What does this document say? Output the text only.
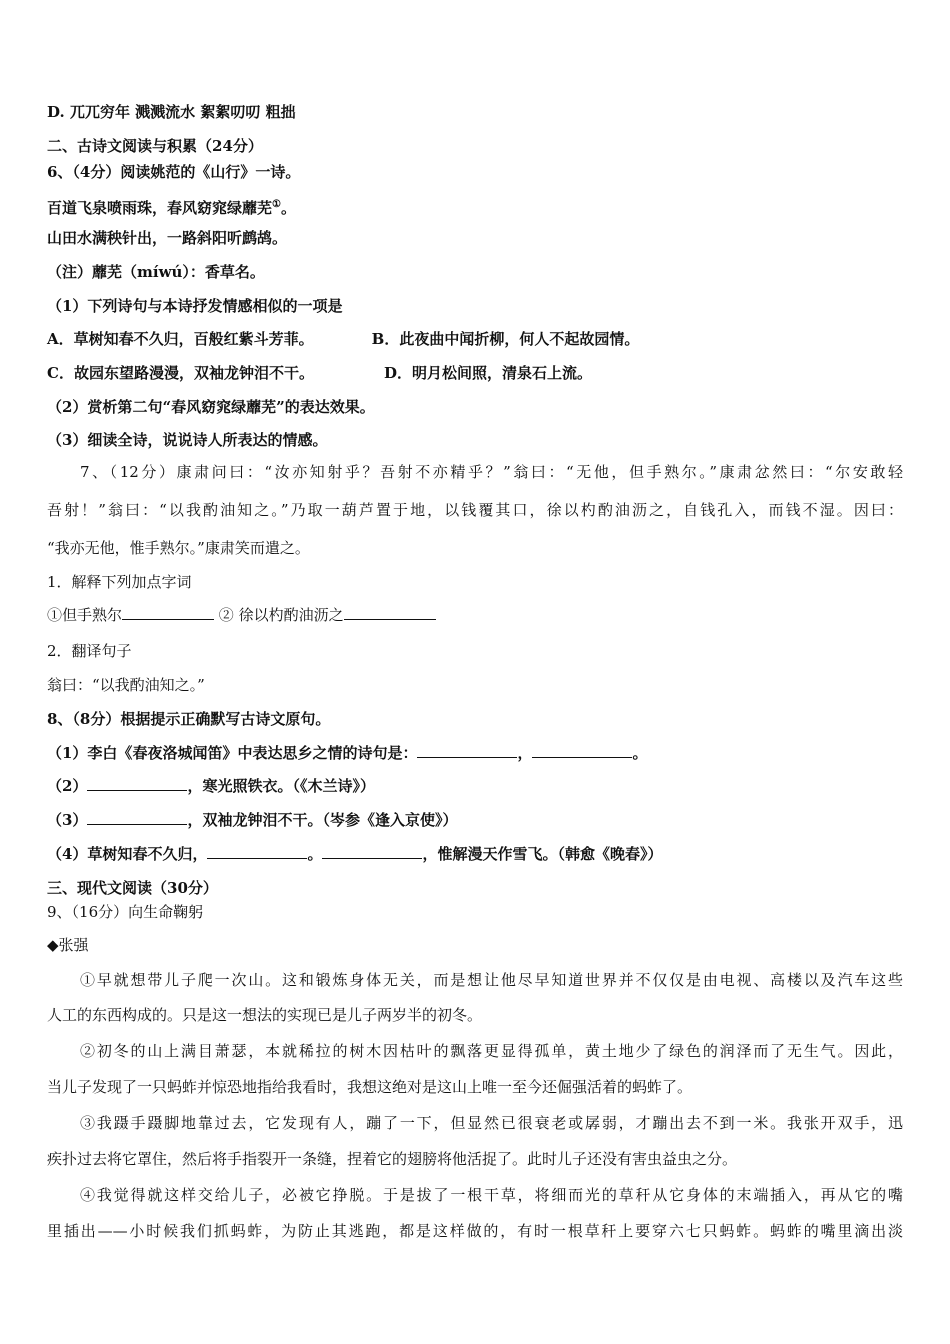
D. 兀兀穷年 溅溅流水 絮絮叨叨 粗拙
二、古诗文阅读与积累（24分）
6、（4分）阅读姚范的《山行》一诗。
百道飞泉喷雨珠，春风窈窕绿蘼芜①。
山田水满秧针出，一路斜阳听鹧鸪。
（注）蘼芜（míwú）：香草名。
（1）下列诗句与本诗抒发情感相似的一项是
A．草树知春不久归，百般红紫斗芳菲。	B．此夜曲中闻折柳，何人不起故园情。
C．故园东望路漫漫，双袖龙钟泪不干。	D．明月松间照，清泉石上流。
（2）赏析第二句“春风窈窕绿蘼芜”的表达效果。
（3）细读全诗，说说诗人所表达的情感。
7、（12分）康肃问曰：“汝亦知射乎？吾射不亦精乎？”翁曰：“无他，但手熟尔。”康肃忿然曰：“尔安敢轻
吾射！”翁曰：“以我酌油知之。”乃取一葫芦置于地，以钱覆其口，徐以杓酌油沥之，自钱孔入，而钱不湿。因曰：
“我亦无他，惟手熟尔。”康肃笑而遣之。
1．解释下列加点字词
①但手熟尔	② 徐以杓酌油沥之
2．翻译句子
翁曰：“以我酌油知之。”
8、（8分）根据提示正确默写古诗文原句。
（1）李白《春夜洛城闻笛》中表达思乡之情的诗句是：	，	。
（2）	，寒光照铁衣。（《木兰诗》）
（3）	，双袖龙钟泪不干。（岑参《逢入京使》）
（4）草树知春不久归，	。	，惟解漫天作雪飞。（韩愈《晚春》）
三、现代文阅读（30分）
9、（16分）向生命鞠躬
◆张强
①早就想带儿子爬一次山。这和锻炼身体无关，而是想让他尽早知道世界并不仅仅是由电视、高楼以及汽车这些
人工的东西构成的。只是这一想法的实现已是儿子两岁半的初冬。
②初冬的山上满目萧瑟，本就稀拉的树木因枯叶的飘落更显得孤单，黄土地少了绿色的润泽而了无生气。因此，
当儿子发现了一只蚂蚱并惊恐地指给我看时，我想这绝对是这山上唯一至今还倔强活着的蚂蚱了。
③我蹑手蹑脚地靠过去，它发现有人，蹦了一下，但显然已很衰老或孱弱，才蹦出去不到一米。我张开双手，迅
疾扑过去将它罩住，然后将手指裂开一条缝，捏着它的翅膀将他活捉了。此时儿子还没有害虫益虫之分。
④我觉得就这样交给儿子，必被它挣脱。于是拔了一根干草，将细而光的草秆从它身体的末端插入，再从它的嘴
里插出——小时候我们抓蚂蚱，为防止其逃跑，都是这样做的，有时一根草秆上要穿六七只蚂蚱。蚂蚱的嘴里滴出淡
